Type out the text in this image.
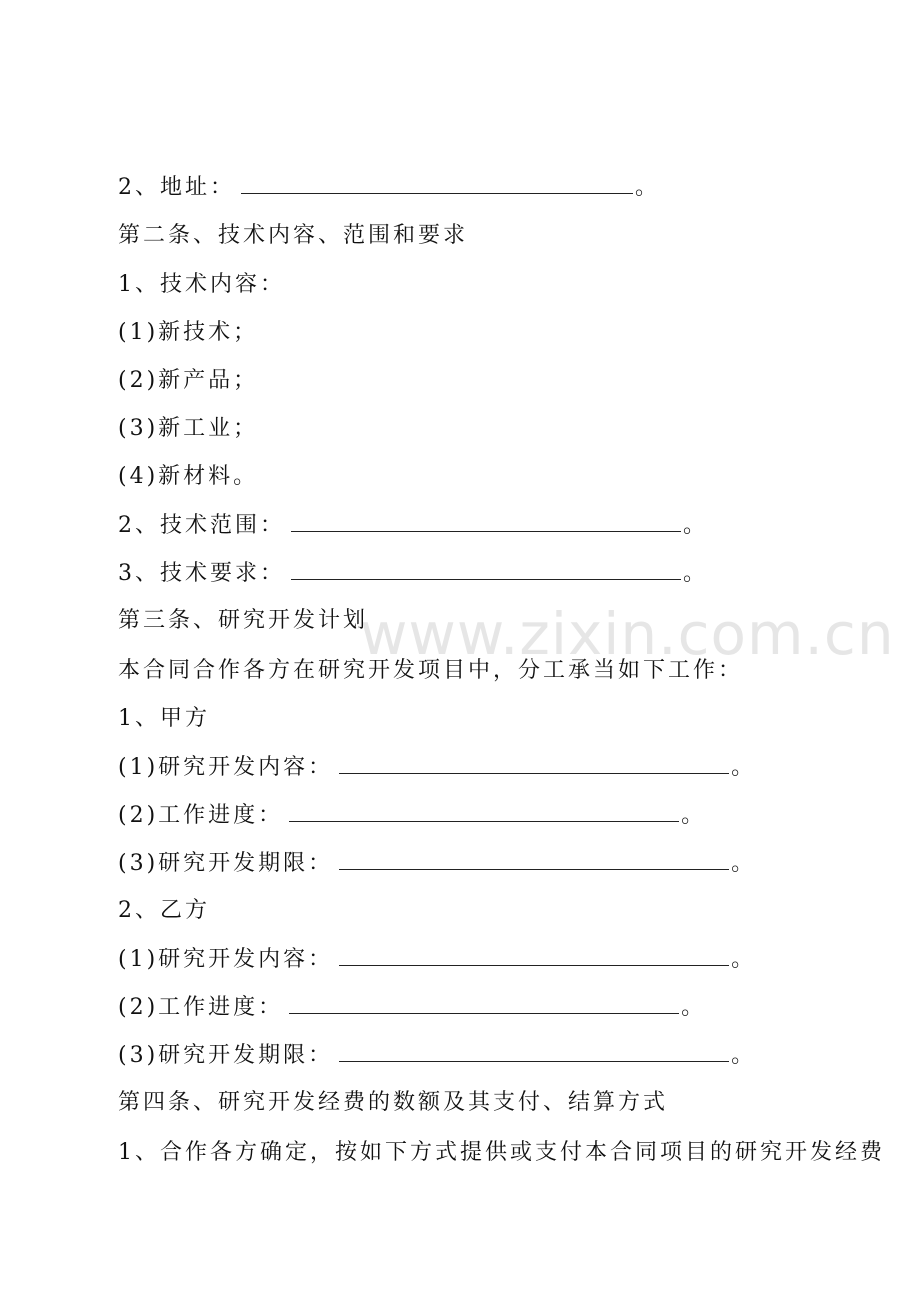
www.zixin.com.cn
2、地址：	。
第二条、技术内容、范围和要求
1、技术内容：
(1)新技术；
(2)新产品；
(3)新工业；
(4)新材料。
2、技术范围：	。
3、技术要求：	。
第三条、研究开发计划
本合同合作各方在研究开发项目中，分工承当如下工作：
1、甲方
(1)研究开发内容：	。
(2)工作进度：	。
(3)研究开发期限：	。
2、乙方
(1)研究开发内容：	。
(2)工作进度：	。
(3)研究开发期限：	。
第四条、研究开发经费的数额及其支付、结算方式
1、合作各方确定，按如下方式提供或支付本合同项目的研究开发经费
